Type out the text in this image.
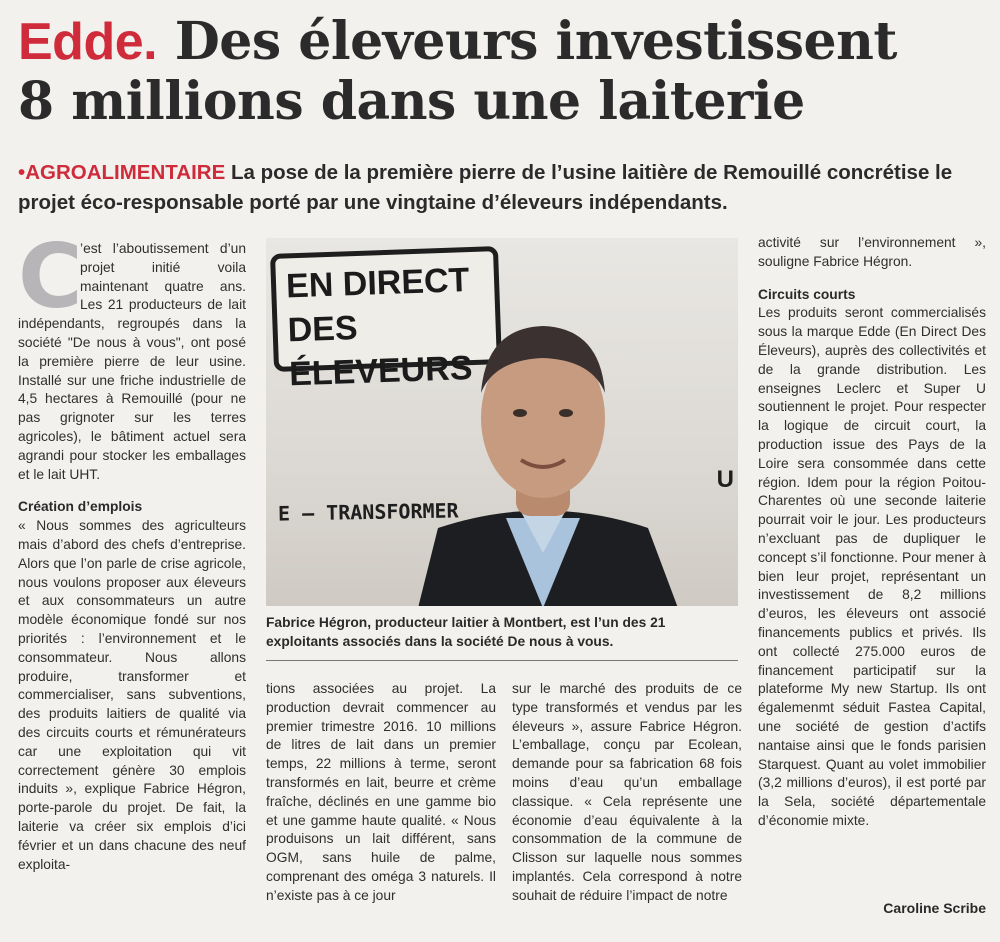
Edde. Des éleveurs investissent
8 millions dans une laiterie
•AGROALIMENTAIRE La pose de la première pierre de l’usine laitière de Remouillé concrétise le projet éco-responsable porté par une vingtaine d’éleveurs indépendants.
C

’est l’aboutissement d’un projet initié voila maintenant quatre ans. Les 21 producteurs de lait indépendants, regroupés dans la société "De nous à vous", ont posé la première pierre de leur usine. Installé sur une friche industrielle de 4,5 hectares à Remouillé (pour ne pas grignoter sur les terres agricoles), le bâtiment actuel sera agrandi pour stocker les emballages et le lait UHT.

Création d’emplois

« Nous sommes des agriculteurs mais d’abord des chefs d’entreprise. Alors que l’on parle de crise agricole, nous voulons proposer aux éleveurs et aux consommateurs un autre modèle économique fondé sur nos priorités : l’environnement et le consommateur. Nous allons produire, transformer et commercialiser, sans subventions, des produits laitiers de qualité via des circuits courts et rémunérateurs car une exploitation qui vit correctement génère 30 emplois induits », explique Fabrice Hégron, porte-parole du projet. De fait, la laiterie va créer six emplois d’ici février et un dans chacune des neuf exploita-

EN DIRECT
DES ÉLEVEURS
E – TRANSFORMER
U
Fabrice Hégron, producteur laitier à Montbert, est l’un des 21 exploitants associés dans la société De nous à vous.

tions associées au projet. La production devrait commencer au premier trimestre 2016. 10 millions de litres de lait dans un premier temps, 22 millions à terme, seront transformés en lait, beurre et crème fraîche, déclinés en une gamme bio et une gamme haute qualité. « Nous produisons un lait différent, sans OGM, sans huile de palme, comprenant des oméga 3 naturels. Il n’existe pas à ce jour

sur le marché des produits de ce type transformés et vendus par les éleveurs », assure Fabrice Hégron. L’emballage, conçu par Ecolean, demande pour sa fabrication 68 fois moins d’eau qu’un emballage classique. « Cela représente une économie d’eau équivalente à la consommation de la commune de Clisson sur laquelle nous sommes implantés. Cela correspond à notre souhait de réduire l’impact de notre

activité sur l’environnement », souligne Fabrice Hégron.

Circuits courts

Les produits seront commercialisés sous la marque Edde (En Direct Des Éleveurs), auprès des collectivités et de la grande distribution. Les enseignes Leclerc et Super U soutiennent le projet. Pour respecter la logique de circuit court, la production issue des Pays de la Loire sera consommée dans cette région. Idem pour la région Poitou-Charentes où une seconde laiterie pourrait voir le jour. Les producteurs n’excluant pas de dupliquer le concept s’il fonctionne. Pour mener à bien leur projet, représentant un investissement de 8,2 millions d’euros, les éleveurs ont associé financements publics et privés. Ils ont collecté 275.000 euros de financement participatif sur la plateforme My new Startup. Ils ont égalemenmt séduit Fastea Capital, une société de gestion d’actifs nantaise ainsi que le fonds parisien Starquest. Quant au volet immobilier (3,2 millions d’euros), il est porté par la Sela, société départementale d’économie mixte.

Caroline Scribe
